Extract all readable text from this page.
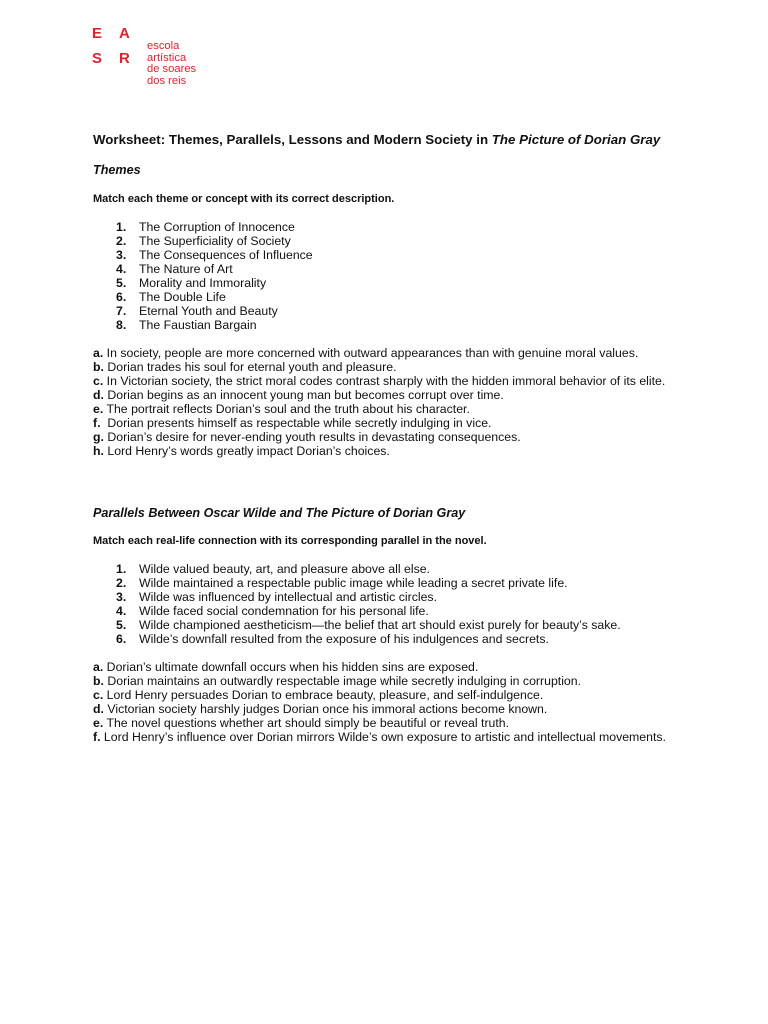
E A
S R
escola
artística
de soares
dos reis
Worksheet: Themes, Parallels, Lessons and Modern Society in The Picture of Dorian Gray
Themes

Match each theme or concept with its correct description.

1. The Corruption of Innocence
2. The Superficiality of Society
3. The Consequences of Influence
4. The Nature of Art
5. Morality and Immorality
6. The Double Life
7. Eternal Youth and Beauty
8. The Faustian Bargain
a. In society, people are more concerned with outward appearances than with genuine moral values.
b. Dorian trades his soul for eternal youth and pleasure.
c. In Victorian society, the strict moral codes contrast sharply with the hidden immoral behavior of its elite.
d. Dorian begins as an innocent young man but becomes corrupt over time.
e. The portrait reflects Dorian’s soul and the truth about his character.
f.  Dorian presents himself as respectable while secretly indulging in vice.
g. Dorian’s desire for never-ending youth results in devastating consequences.
h. Lord Henry’s words greatly impact Dorian’s choices.
Parallels Between Oscar Wilde and The Picture of Dorian Gray

Match each real-life connection with its corresponding parallel in the novel.

1. Wilde valued beauty, art, and pleasure above all else.
2. Wilde maintained a respectable public image while leading a secret private life.
3. Wilde was influenced by intellectual and artistic circles.
4. Wilde faced social condemnation for his personal life.
5. Wilde championed aestheticism—the belief that art should exist purely for beauty’s sake.
6. Wilde’s downfall resulted from the exposure of his indulgences and secrets.
a. Dorian’s ultimate downfall occurs when his hidden sins are exposed.
b. Dorian maintains an outwardly respectable image while secretly indulging in corruption.
c. Lord Henry persuades Dorian to embrace beauty, pleasure, and self-indulgence.
d. Victorian society harshly judges Dorian once his immoral actions become known.
e. The novel questions whether art should simply be beautiful or reveal truth.
f. Lord Henry’s influence over Dorian mirrors Wilde’s own exposure to artistic and intellectual movements.
